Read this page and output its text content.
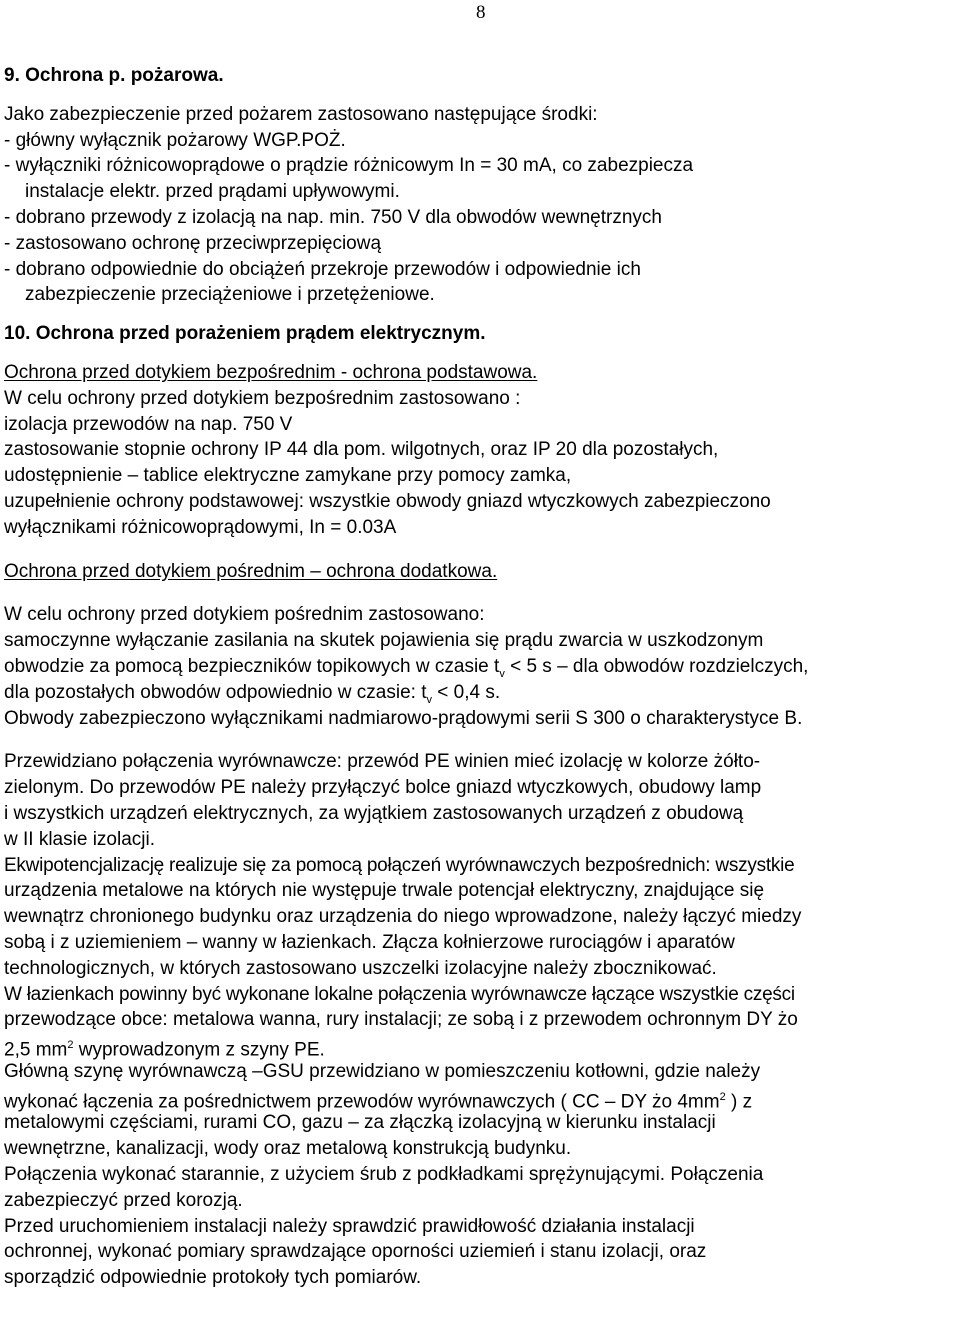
8
9. Ochrona p. pożarowa.
Jako zabezpieczenie przed pożarem zastosowano następujące środki:
- główny wyłącznik pożarowy WGP.POŻ.
- wyłączniki różnicowoprądowe o prądzie różnicowym In = 30 mA, co zabezpiecza
instalacje elektr. przed prądami upływowymi.
- dobrano przewody z izolacją na nap. min. 750 V dla obwodów wewnętrznych
- zastosowano ochronę przeciwprzepięciową
- dobrano odpowiednie do obciążeń przekroje przewodów i odpowiednie ich
zabezpieczenie przeciążeniowe i przetężeniowe.
10. Ochrona przed porażeniem prądem elektrycznym.
Ochrona przed dotykiem bezpośrednim - ochrona podstawowa.
W celu ochrony przed dotykiem bezpośrednim zastosowano :
izolacja przewodów na nap. 750 V
zastosowanie stopnie ochrony IP 44 dla pom. wilgotnych, oraz IP 20 dla pozostałych,
udostępnienie – tablice elektryczne zamykane przy pomocy zamka,
uzupełnienie ochrony podstawowej: wszystkie obwody gniazd wtyczkowych zabezpieczono
wyłącznikami różnicowoprądowymi, In = 0.03A
Ochrona przed dotykiem pośrednim – ochrona dodatkowa.
W celu ochrony przed dotykiem pośrednim zastosowano:
samoczynne wyłączanie zasilania na skutek pojawienia się prądu zwarcia w uszkodzonym
obwodzie za pomocą bezpieczników topikowych w czasie $t_v < 5$ s – dla obwodów rozdzielczych,
dla pozostałych obwodów odpowiednio w czasie: $t_v < 0,4$ s.
Obwody zabezpieczono wyłącznikami nadmiarowo-prądowymi serii S 300 o charakterystyce B.
Przewidziano połączenia wyrównawcze: przewód PE winien mieć izolację w kolorze żółto-
zielonym. Do przewodów PE należy przyłączyć bolce gniazd wtyczkowych, obudowy lamp
i wszystkich urządzeń elektrycznych, za wyjątkiem zastosowanych urządzeń z obudową
w II klasie izolacji.
Ekwipotencjalizację realizuje się za pomocą połączeń wyrównawczych bezpośrednich: wszystkie
urządzenia metalowe na których nie występuje trwale potencjał elektryczny, znajdujące się
wewnątrz chronionego budynku oraz urządzenia do niego wprowadzone, należy łączyć miedzy
sobą i z uziemieniem – wanny w łazienkach. Złącza kołnierzowe rurociągów i aparatów
technologicznych, w których zastosowano uszczelki izolacyjne należy zbocznikować.
W łazienkach powinny być wykonane lokalne połączenia wyrównawcze łączące wszystkie części
przewodzące obce: metalowa wanna, rury instalacji; ze sobą i z przewodem ochronnym DY żo
2,5 $mm^2$ wyprowadzonym z szyny PE.
Główną szynę wyrównawczą –GSU przewidziano w pomieszczeniu kotłowni, gdzie należy
wykonać łączenia za pośrednictwem przewodów wyrównawczych ( CC – DY żo $4mm^2$ ) z
metalowymi częściami, rurami CO, gazu – za złączką izolacyjną w kierunku instalacji
wewnętrzne, kanalizacji, wody oraz metalową konstrukcją budynku.
Połączenia wykonać starannie, z użyciem śrub z podkładkami sprężynującymi. Połączenia
zabezpieczyć przed korozją.
Przed uruchomieniem instalacji należy sprawdzić prawidłowość działania instalacji
ochronnej, wykonać pomiary sprawdzające oporności uziemień i stanu izolacji, oraz
sporządzić odpowiednie protokoły tych pomiarów.
